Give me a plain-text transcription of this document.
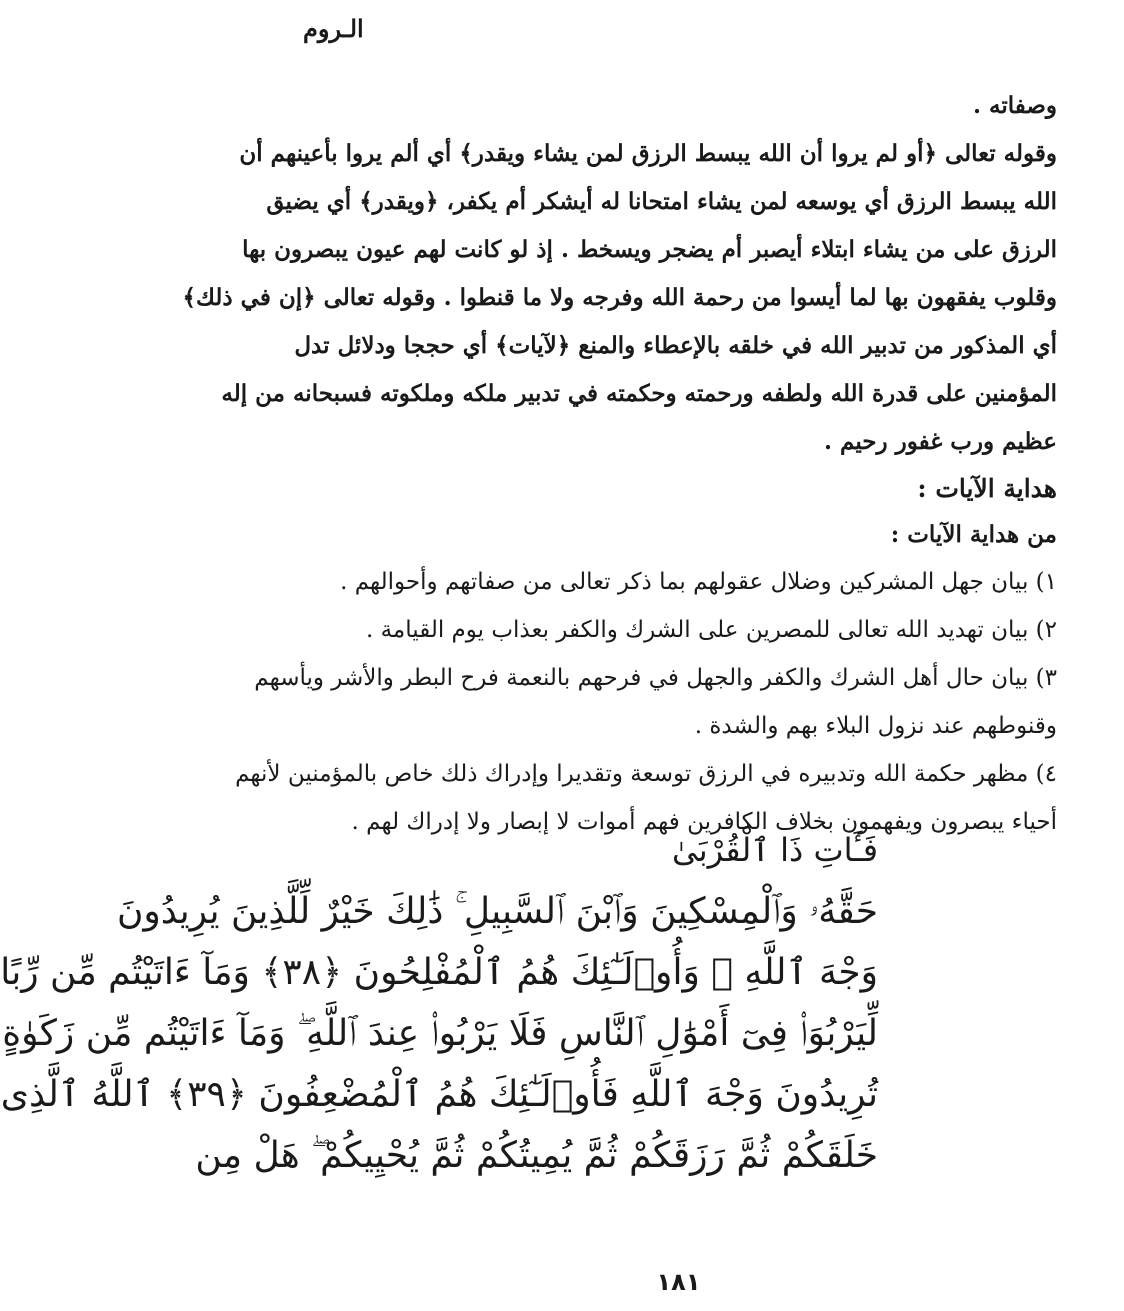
الـروم
وصفاته .
وقوله تعالى ﴿أو لم يروا أن الله يبسط الرزق لمن يشاء ويقدر﴾ أي ألم يروا بأعينهم أن
الله يبسط الرزق أي يوسعه لمن يشاء امتحانا له أيشكر أم يكفر، ﴿ويقدر﴾ أي يضيق
الرزق على من يشاء ابتلاء أيصبر أم يضجر ويسخط . إذ لو كانت لهم عيون يبصرون بها
وقلوب يفقهون بها لما أيسوا من رحمة الله وفرجه ولا ما قنطوا . وقوله تعالى ﴿إن في ذلك﴾
أي المذكور من تدبير الله في خلقه بالإعطاء والمنع ﴿لآيات﴾ أي حججا ودلائل تدل
المؤمنين على قدرة الله ولطفه ورحمته وحكمته في تدبير ملكه وملكوته فسبحانه من إله
عظيم ورب غفور رحيم .
هداية الآيات :
من هداية الآيات :
١) بيان جهل المشركين وضلال عقولهم بما ذكر تعالى من صفاتهم وأحوالهم .
٢) بيان تهديد الله تعالى للمصرين على الشرك والكفر بعذاب يوم القيامة .
٣) بيان حال أهل الشرك والكفر والجهل في فرحهم بالنعمة فرح البطر والأشر ويأسهم
وقنوطهم عند نزول البلاء بهم والشدة .
٤) مظهر حكمة الله وتدبيره في الرزق توسعة وتقديرا وإدراك ذلك خاص بالمؤمنين لأنهم
أحياء يبصرون ويفهمون بخلاف الكافرين فهم أموات لا إبصار ولا إدراك لهم .
فَـَٔاتِ ذَا ٱلْقُرْبَىٰ
حَقَّهُۥ وَٱلْمِسْكِينَ وَٱبْنَ ٱلسَّبِيلِ ۚ ذَٰلِكَ خَيْرٌ لِّلَّذِينَ يُرِيدُونَ
وَجْهَ ٱللَّهِ ۖ وَأُو۟لَـٰٓئِكَ هُمُ ٱلْمُفْلِحُونَ ﴿٣٨﴾ وَمَآ ءَاتَيْتُم مِّن رِّبًا
لِّيَرْبُوَا۟ فِىٓ أَمْوَٰلِ ٱلنَّاسِ فَلَا يَرْبُوا۟ عِندَ ٱللَّهِ ۖ وَمَآ ءَاتَيْتُم مِّن زَكَوٰةٍ
تُرِيدُونَ وَجْهَ ٱللَّهِ فَأُو۟لَـٰٓئِكَ هُمُ ٱلْمُضْعِفُونَ ﴿٣٩﴾ ٱللَّهُ ٱلَّذِى
خَلَقَكُمْ ثُمَّ رَزَقَكُمْ ثُمَّ يُمِيتُكُمْ ثُمَّ يُحْيِيكُمْ ۖ هَلْ مِن
١٨١
